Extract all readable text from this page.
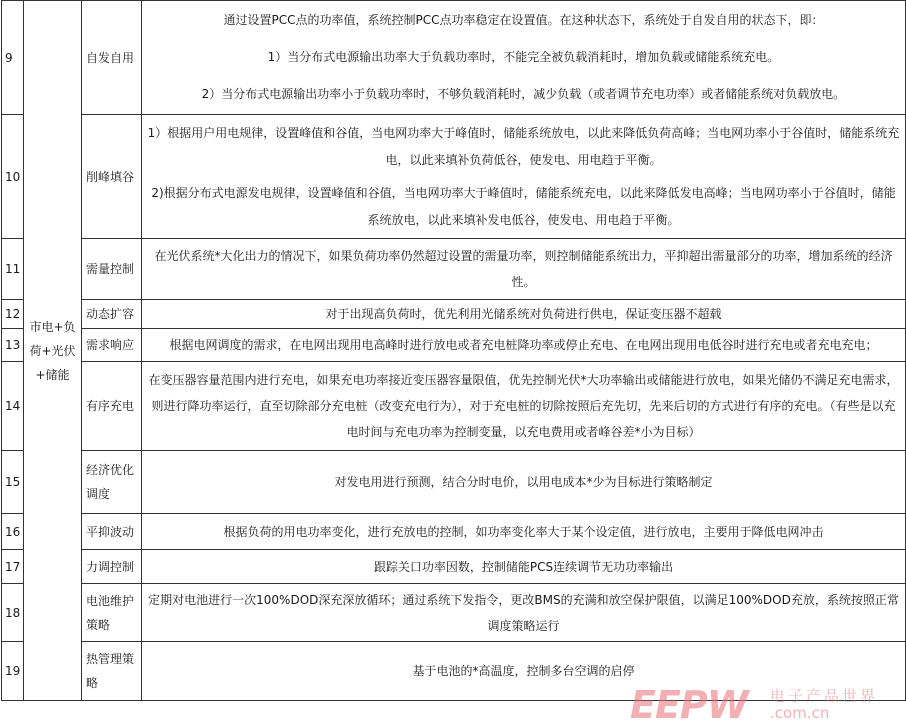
9	市电+负荷+光伏+储能	自发自用	通过设置PCC点的功率值，系统控制PCC点功率稳定在设置值。在这种状态下，系统处于自发自用的状态下，即：
1）当分布式电源输出功率大于负载功率时，不能完全被负载消耗时，增加负载或储能系统充电。
2）当分布式电源输出功率小于负载功率时，不够负载消耗时，减少负载（或者调节充电功率）或者储能系统对负载放电。

10		削峰填谷	1）根据用户用电规律，设置峰值和谷值，当电网功率大于峰值时，储能系统放电，以此来降低负荷高峰；当电网功率小于谷值时，储能系统充电，以此来填补负荷低谷，使发电、用电趋于平衡。
2)根据分布式电源发电规律，设置峰值和谷值，当电网功率大于峰值时，储能系统充电，以此来降低发电高峰；当电网功率小于谷值时，储能系统放电，以此来填补发电低谷，使发电、用电趋于平衡。

11		需量控制	在光伏系统*大化出力的情况下，如果负荷功率仍然超过设置的需量功率，则控制储能系统出力，平抑超出需量部分的功率，增加系统的经济性。
12		动态扩容	对于出现高负荷时，优先利用光储系统对负荷进行供电，保证变压器不超载
13		需求响应	根据电网调度的需求，在电网出现用电高峰时进行放电或者充电桩降功率或停止充电、在电网出现用电低谷时进行充电或者充电充电；
14		有序充电	在变压器容量范围内进行充电，如果充电功率接近变压器容量限值，优先控制光伏*大功率输出或储能进行放电，如果光储仍不满足充电需求，则进行降功率运行，直至切除部分充电桩（改变充电行为），对于充电桩的切除按照后充先切，先来后切的方式进行有序的充电。（有些是以充电时间与充电功率为控制变量，以充电费用或者峰谷差*小为目标）
15		经济优化调度	对发电用进行预测，结合分时电价，以用电成本*少为目标进行策略制定
16		平抑波动	根据负荷的用电功率变化，进行充放电的控制，如功率变化率大于某个设定值，进行放电，主要用于降低电网冲击
17		力调控制	跟踪关口功率因数，控制储能PCS连续调节无功功率输出
18		电池维护策略	定期对电池进行一次100%DOD深充深放循环；通过系统下发指令，更改BMS的充满和放空保护限值，以满足100%DOD充放，系统按照正常调度策略运行
19		热管理策略	基于电池的*高温度，控制多台空调的启停
EEPW 电子产品世界
.com.cn
